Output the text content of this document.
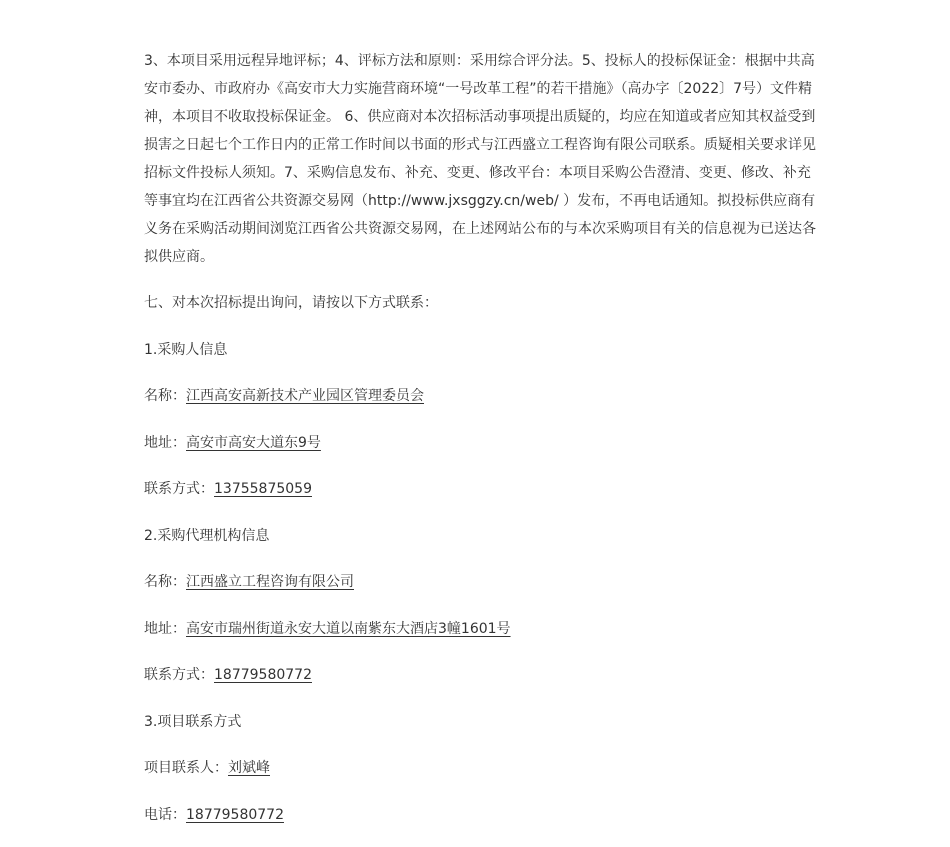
3、本项目采用远程异地评标；4、评标方法和原则：采用综合评分法。5、投标人的投标保证金：根据中共高安市委办、市政府办《高安市大力实施营商环境“一号改革工程”的若干措施》（高办字〔2022〕7号）文件精神，本项目不收取投标保证金。 6、供应商对本次招标活动事项提出质疑的，均应在知道或者应知其权益受到损害之日起七个工作日内的正常工作时间以书面的形式与江西盛立工程咨询有限公司联系。质疑相关要求详见招标文件投标人须知。7、采购信息发布、补充、变更、修改平台：本项目采购公告澄清、变更、修改、补充等事宜均在江西省公共资源交易网（http://www.jxsggzy.cn/web/ ）发布，不再电话通知。拟投标供应商有义务在采购活动期间浏览江西省公共资源交易网，在上述网站公布的与本次采购项目有关的信息视为已送达各拟供应商。

七、对本次招标提出询问，请按以下方式联系：

1.采购人信息

名称：江西高安高新技术产业园区管理委员会

地址：高安市高安大道东9号

联系方式：13755875059

2.采购代理机构信息

名称：江西盛立工程咨询有限公司

地址：高安市瑞州街道永安大道以南紫东大酒店3幢1601号

联系方式：18779580772

3.项目联系方式

项目联系人：刘斌峰

电话：18779580772
